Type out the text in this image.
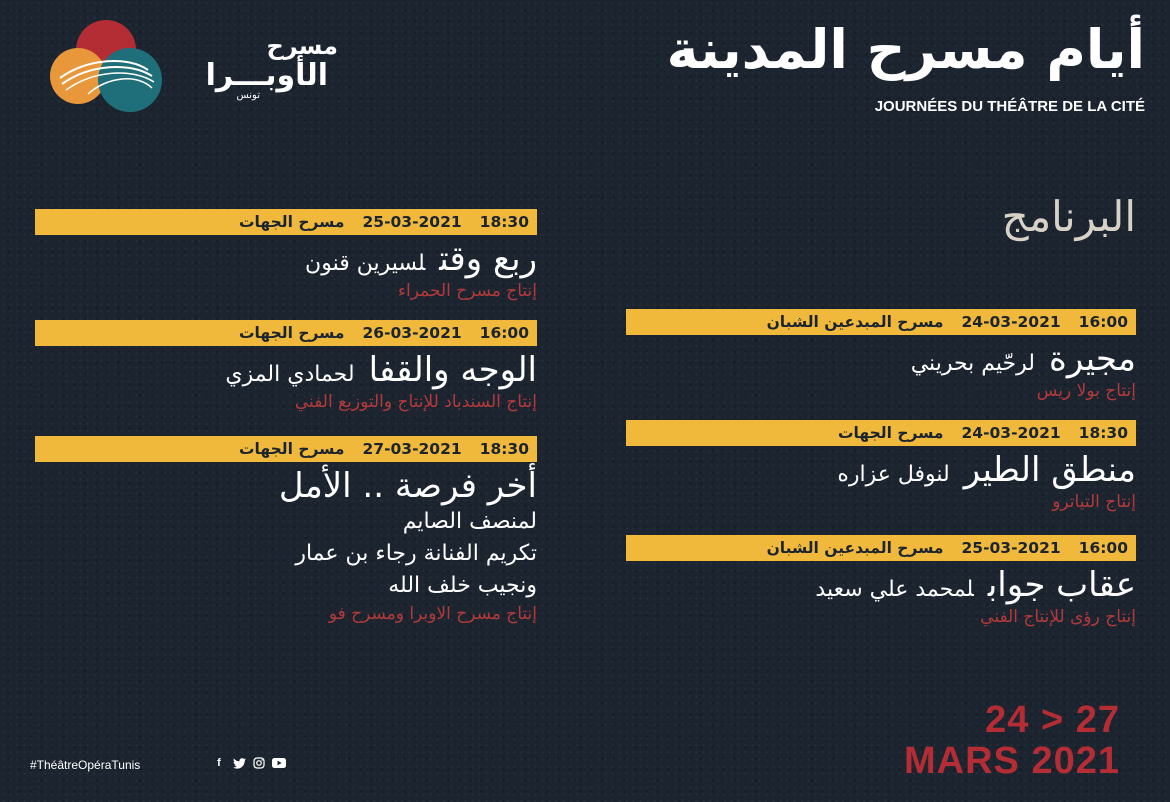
مسرح
الأوبـــرا
تونس
أيام مسرح المدينة
JOURNÉES DU THÉÂTRE DE LA CITÉ
البرنامج
25-03-2021 18:30مسرح الجهات
ربع وقتلسيرين قنون
إنتاج مسرح الحمراء
26-03-2021 16:00مسرح الجهات
الوجه والقفالحمادي المزي
إنتاج السندباد للإنتاج والتوزيع الفني
27-03-2021 18:30مسرح الجهات
أخر فرصة .. الأمل
لمنصف الصايم
تكريم الفنانة رجاء بن عمار
ونجيب خلف الله
إنتاج مسرح الاوبرا ومسرح فو
24-03-2021 16:00مسرح المبدعين الشبان
مجيرةلرحّيم بحريني
إنتاج بولا ريس
24-03-2021 18:30مسرح الجهات
منطق الطيرلنوفل عزاره
إنتاج التياترو
25-03-2021 16:00مسرح المبدعين الشبان
عقاب جوابلمحمد علي سعيد
إنتاج رؤى للإنتاج الفني
24 > 27
MARS 2021
#ThéâtreOpéraTunis	f
